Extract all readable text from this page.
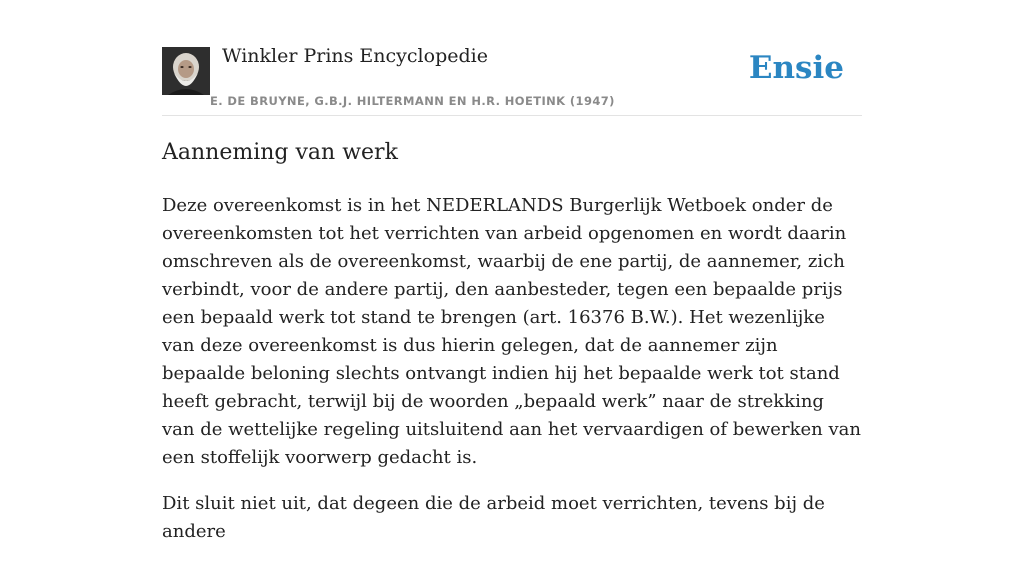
Winkler Prins Encyclopedie
E. DE BRUYNE, G.B.J. HILTERMANN EN H.R. HOETINK (1947)
Ensie
Aanneming van werk

Deze overeenkomst is in het NEDERLANDS Burgerlijk Wetboek onder de overeenkomsten tot het verrichten van arbeid opgenomen en wordt daarin omschreven als de overeenkomst, waarbij de ene partij, de aannemer, zich verbindt, voor de andere partij, den aanbesteder, tegen een bepaalde prijs een bepaald werk tot stand te brengen (art. 16376 B.W.). Het wezenlijke van deze overeenkomst is dus hierin gelegen, dat de aannemer zijn bepaalde beloning slechts ontvangt indien hij het bepaalde werk tot stand heeft gebracht, terwijl bij de woorden „bepaald werk” naar de strekking van de wettelijke regeling uitsluitend aan het vervaardigen of bewerken van een stoffelijk voorwerp gedacht is.

Dit sluit niet uit, dat degeen die de arbeid moet verrichten, tevens bij de andere
